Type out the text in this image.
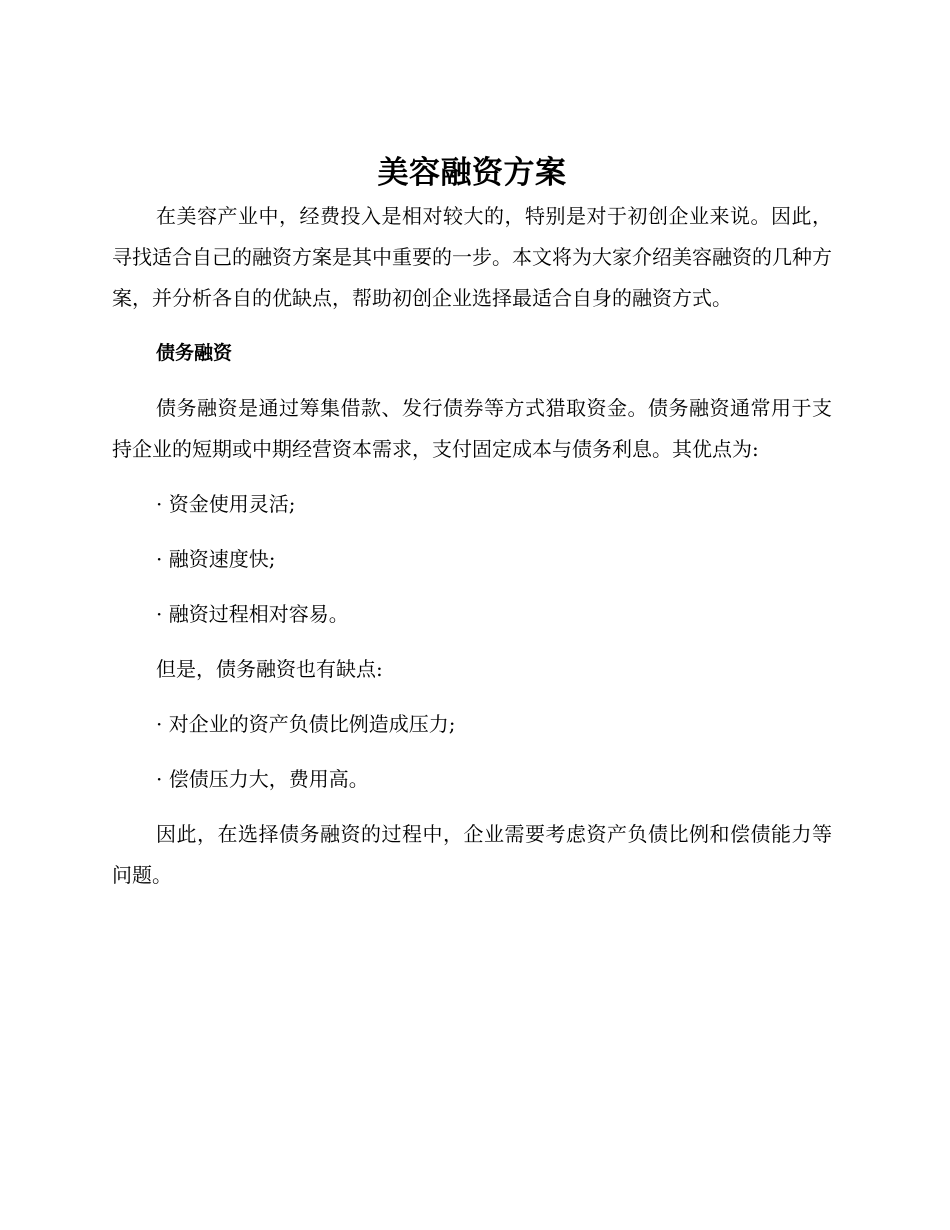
美容融资方案

在美容产业中，经费投入是相对较大的，特别是对于初创企业来说。因此，寻找适合自己的融资方案是其中重要的一步。本文将为大家介绍美容融资的几种方案，并分析各自的优缺点，帮助初创企业选择最适合自身的融资方式。

债务融资

债务融资是通过筹集借款、发行债券等方式猎取资金。债务融资通常用于支持企业的短期或中期经营资本需求，支付固定成本与债务利息。其优点为:

· 资金使用灵活;

· 融资速度快;

· 融资过程相对容易。

但是，债务融资也有缺点:

· 对企业的资产负债比例造成压力;

· 偿债压力大，费用高。

因此，在选择债务融资的过程中，企业需要考虑资产负债比例和偿债能力等问题。
